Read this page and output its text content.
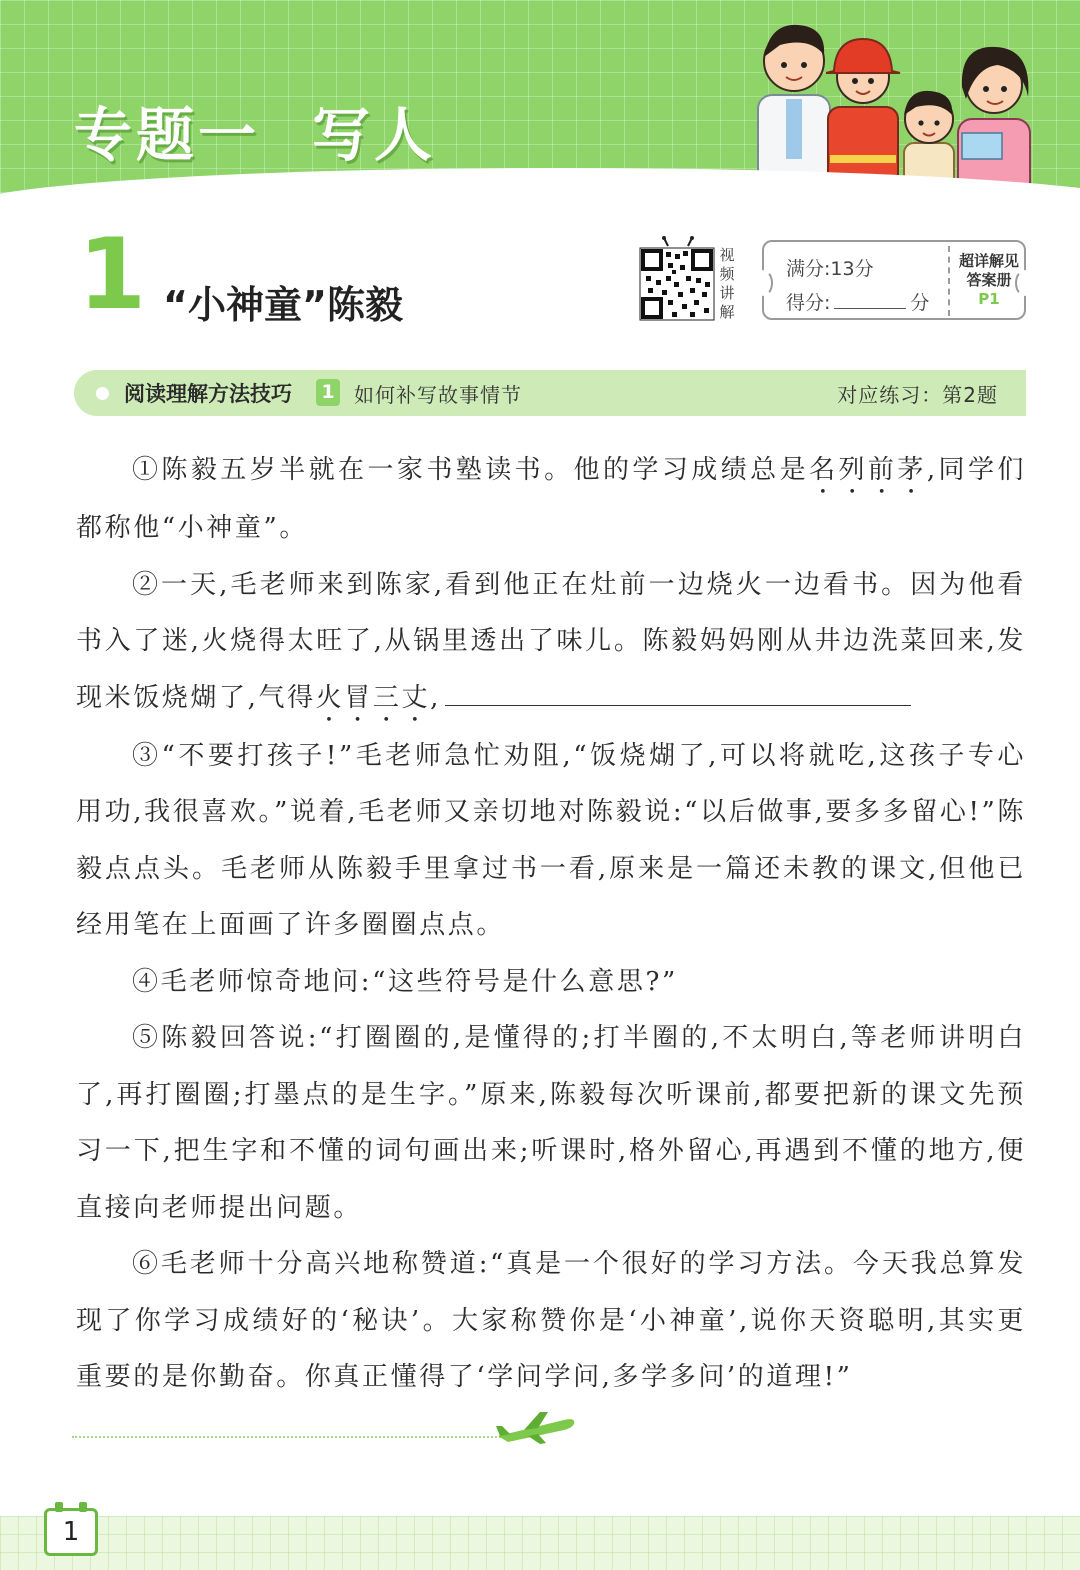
专题一 写人
1 “小神童”陈毅
视
频
讲
解
满分:13分
得分:	分
超详解见
答案册
P1
阅读理解方法技巧 1 如何补写故事情节	对应练习：第2题

①陈毅五岁半就在一家书塾读书。他的学习成绩总是名列前茅,同学们都称他“小神童”。

②一天,毛老师来到陈家,看到他正在灶前一边烧火一边看书。因为他看书入了迷,火烧得太旺了,从锅里透出了味儿。陈毅妈妈刚从井边洗菜回来,发现米饭烧煳了,气得火冒三丈,

③“不要打孩子!”毛老师急忙劝阻,“饭烧煳了,可以将就吃,这孩子专心用功,我很喜欢。”说着,毛老师又亲切地对陈毅说:“以后做事,要多多留心!”陈毅点点头。毛老师从陈毅手里拿过书一看,原来是一篇还未教的课文,但他已经用笔在上面画了许多圈圈点点。

④毛老师惊奇地问:“这些符号是什么意思?”

⑤陈毅回答说:“打圈圈的,是懂得的;打半圈的,不太明白,等老师讲明白了,再打圈圈;打墨点的是生字。”原来,陈毅每次听课前,都要把新的课文先预习一下,把生字和不懂的词句画出来;听课时,格外留心,再遇到不懂的地方,便直接向老师提出问题。

⑥毛老师十分高兴地称赞道:“真是一个很好的学习方法。今天我总算发现了你学习成绩好的‘秘诀’。大家称赞你是‘小神童’,说你天资聪明,其实更重要的是你勤奋。你真正懂得了‘学问学问,多学多问’的道理!”

1
